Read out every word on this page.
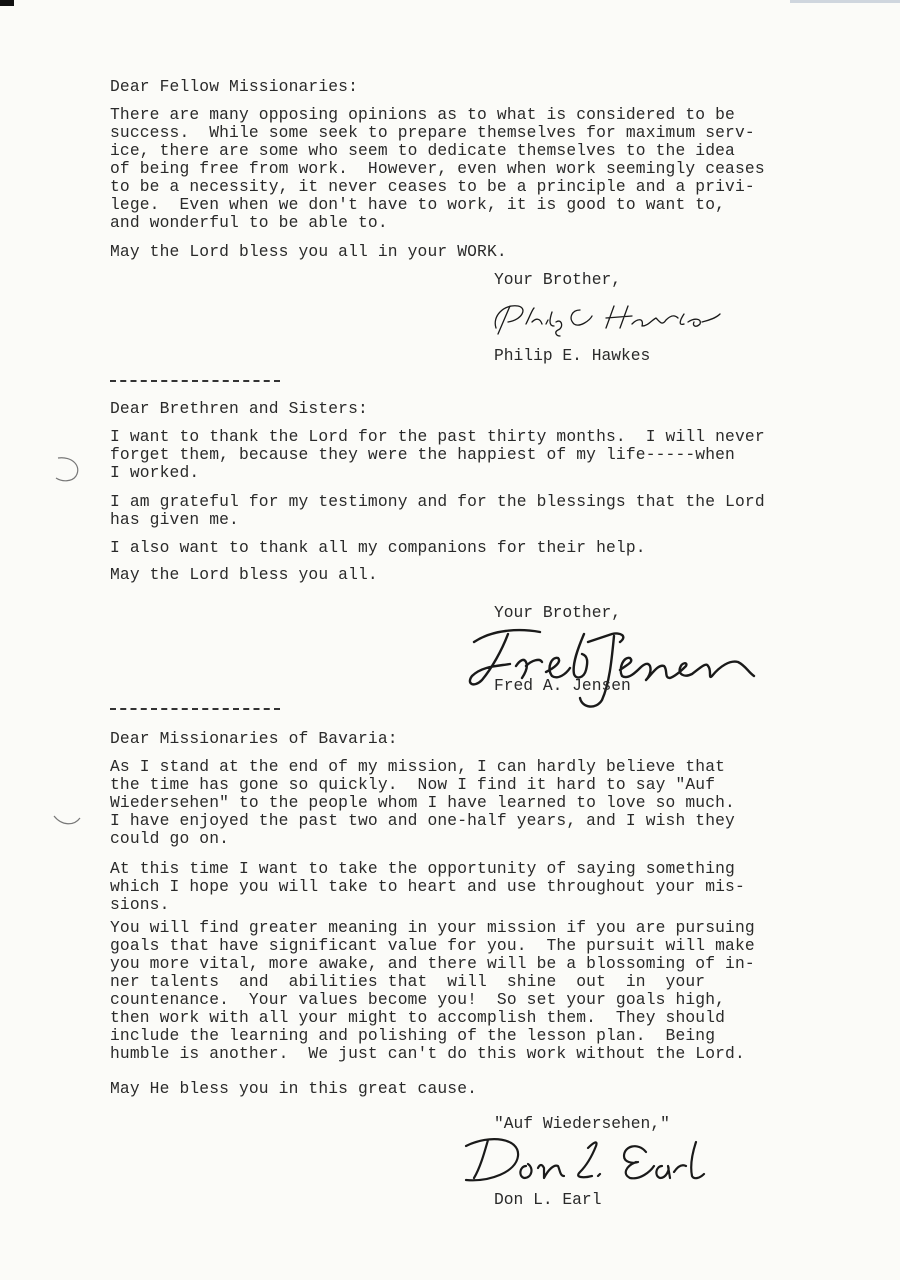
Dear Fellow Missionaries:
There are many opposing opinions as to what is considered to be
success.  While some seek to prepare themselves for maximum serv-
ice, there are some who seem to dedicate themselves to the idea
of being free from work.  However, even when work seemingly ceases
to be a necessity, it never ceases to be a principle and a privi-
lege.  Even when we don't have to work, it is good to want to,
and wonderful to be able to.
May the Lord bless you all in your WORK.
Your Brother,
Philip E. Hawkes
Dear Brethren and Sisters:
I want to thank the Lord for the past thirty months.  I will never
forget them, because they were the happiest of my life-----when
I worked.
I am grateful for my testimony and for the blessings that the Lord
has given me.
I also want to thank all my companions for their help.
May the Lord bless you all.
Your Brother,
Fred A. Jensen
Dear Missionaries of Bavaria:
As I stand at the end of my mission, I can hardly believe that
the time has gone so quickly.  Now I find it hard to say "Auf
Wiedersehen" to the people whom I have learned to love so much.
I have enjoyed the past two and one-half years, and I wish they
could go on.
At this time I want to take the opportunity of saying something
which I hope you will take to heart and use throughout your mis-
sions.
You will find greater meaning in your mission if you are pursuing
goals that have significant value for you.  The pursuit will make
you more vital, more awake, and there will be a blossoming of in-
ner talents  and  abilities that  will  shine  out  in  your
countenance.  Your values become you!  So set your goals high,
then work with all your might to accomplish them.  They should
include the learning and polishing of the lesson plan.  Being
humble is another.  We just can't do this work without the Lord.
May He bless you in this great cause.
"Auf Wiedersehen,"
Don L. Earl
